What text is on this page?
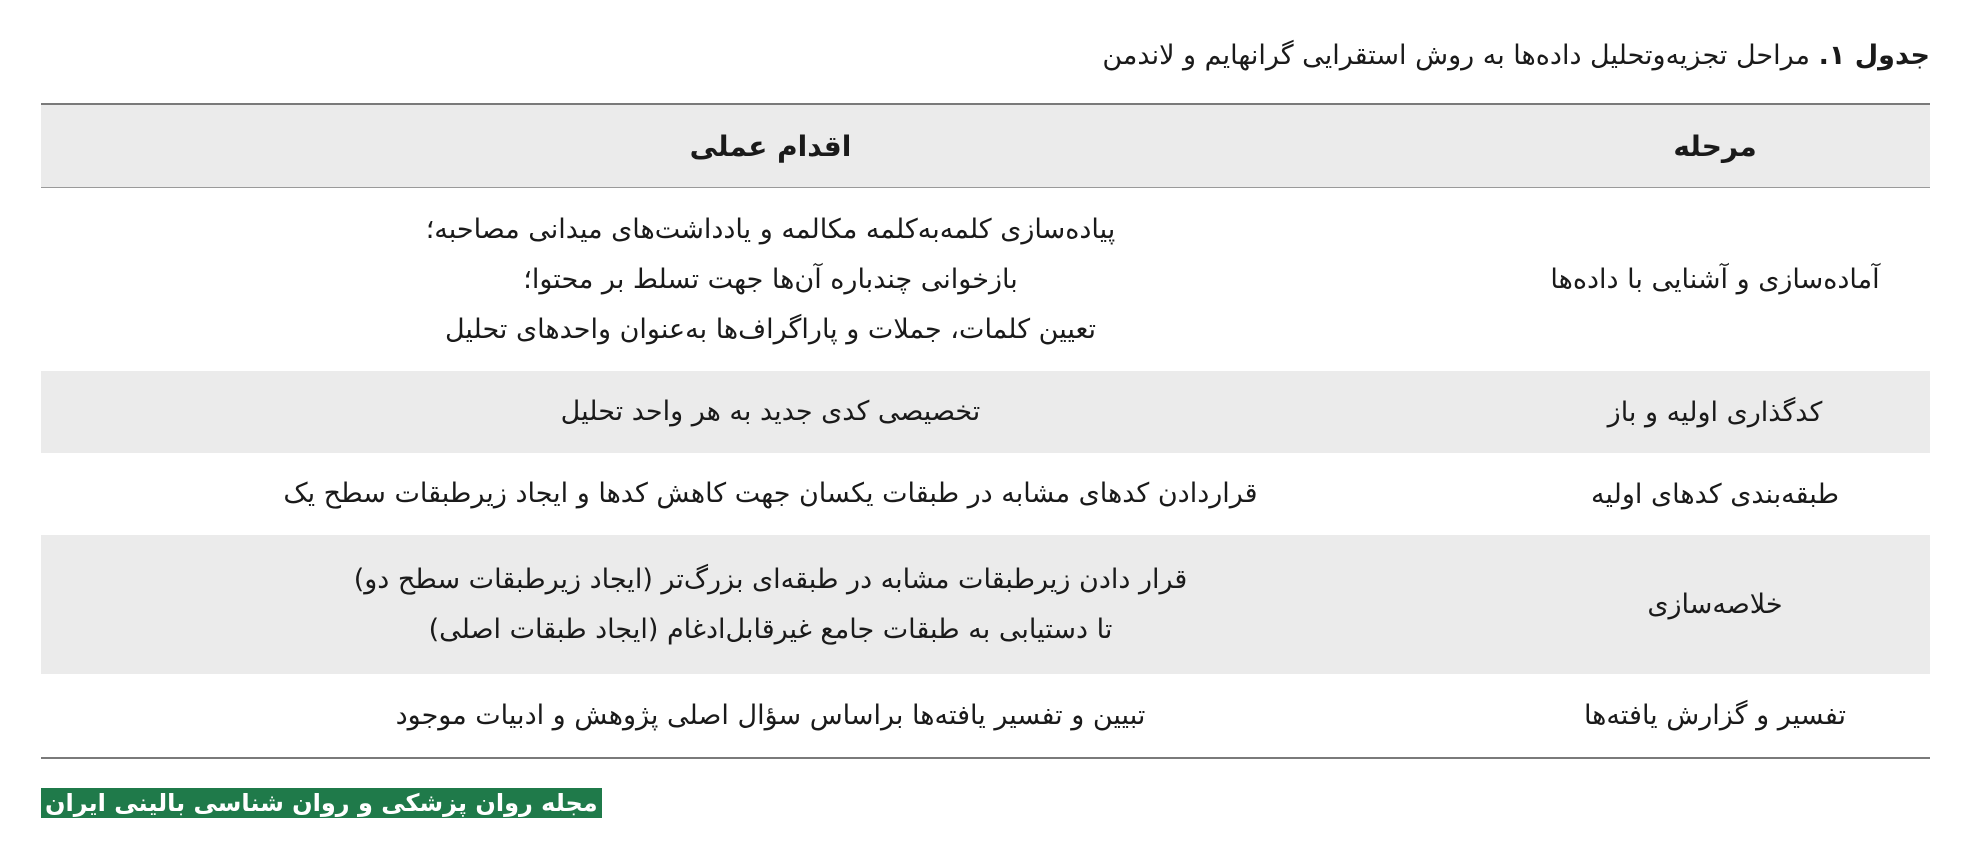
جدول ۱. مراحل تجزیه‌وتحلیل داده‌ها به روش استقرایی گرانهایم و لاندمن
مرحله
اقدام عملی
آماده‌سازی و آشنایی با داده‌ها
پیاده‌سازی کلمه‌به‌کلمه مکالمه و یادداشت‌های میدانی مصاحبه؛
بازخوانی چندباره آن‌ها جهت تسلط بر محتوا؛
تعیین کلمات، جملات و پاراگراف‌ها به‌عنوان واحدهای تحلیل
کدگذاری اولیه و باز
تخصیصی کدی جدید به هر واحد تحلیل
طبقه‌بندی کدهای اولیه
قراردادن کدهای مشابه در طبقات یکسان جهت کاهش کدها و ایجاد زیرطبقات سطح یک
خلاصه‌سازی
قرار دادن زیرطبقات مشابه در طبقه‌ای بزرگ‌تر (ایجاد زیرطبقات سطح دو)
تا دستیابی به طبقات جامع غیرقابل‌ادغام (ایجاد طبقات اصلی)
تفسیر و گزارش یافته‌ها
تبیین و تفسیر یافته‌ها براساس سؤال اصلی پژوهش و ادبیات موجود
مجله روان پزشکی و روان شناسی بالینی ایران
